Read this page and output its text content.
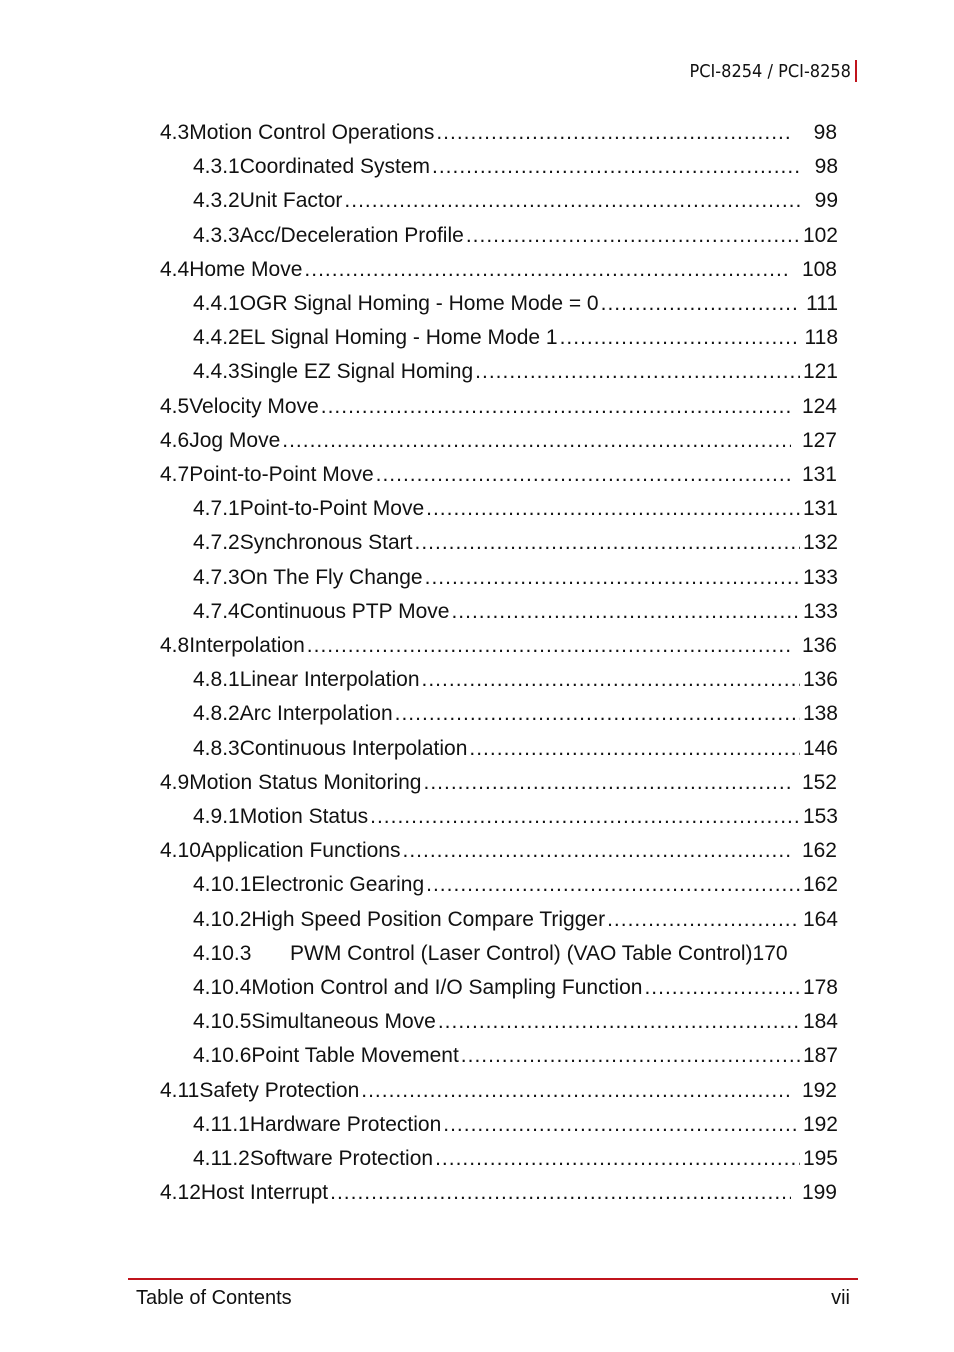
PCI-8254 / PCI-8258
4.3 Motion Control Operations .....	98
4.3.1 Coordinated System .....	98
4.3.2 Unit Factor .....	99
4.3.3 Acc/Deceleration Profile .....	102
4.4 Home Move .....	108
4.4.1 OGR Signal Homing - Home Mode = 0 .....	111
4.4.2 EL Signal Homing - Home Mode 1 .....	118
4.4.3 Single EZ Signal Homing .....	121
4.5 Velocity Move .....	124
4.6 Jog Move .....	127
4.7 Point-to-Point Move .....	131
4.7.1 Point-to-Point Move .....	131
4.7.2 Synchronous Start .....	132
4.7.3 On The Fly Change .....	133
4.7.4 Continuous PTP Move .....	133
4.8 Interpolation .....	136
4.8.1 Linear Interpolation .....	136
4.8.2 Arc Interpolation .....	138
4.8.3 Continuous Interpolation .....	146
4.9 Motion Status Monitoring .....	152
4.9.1 Motion Status .....	153
4.10 Application Functions .....	162
4.10.1 Electronic Gearing .....	162
4.10.2 High Speed Position Compare Trigger .....	164
4.10.3	PWM Control (Laser Control) (VAO Table Control) 170
4.10.4 Motion Control and I/O Sampling Function .....	178
4.10.5 Simultaneous Move .....	184
4.10.6 Point Table Movement .....	187
4.11 Safety Protection .....	192
4.11.1 Hardware Protection .....	192
4.11.2 Software Protection .....	195
4.12 Host Interrupt .....	199
Table of Contents	vii
